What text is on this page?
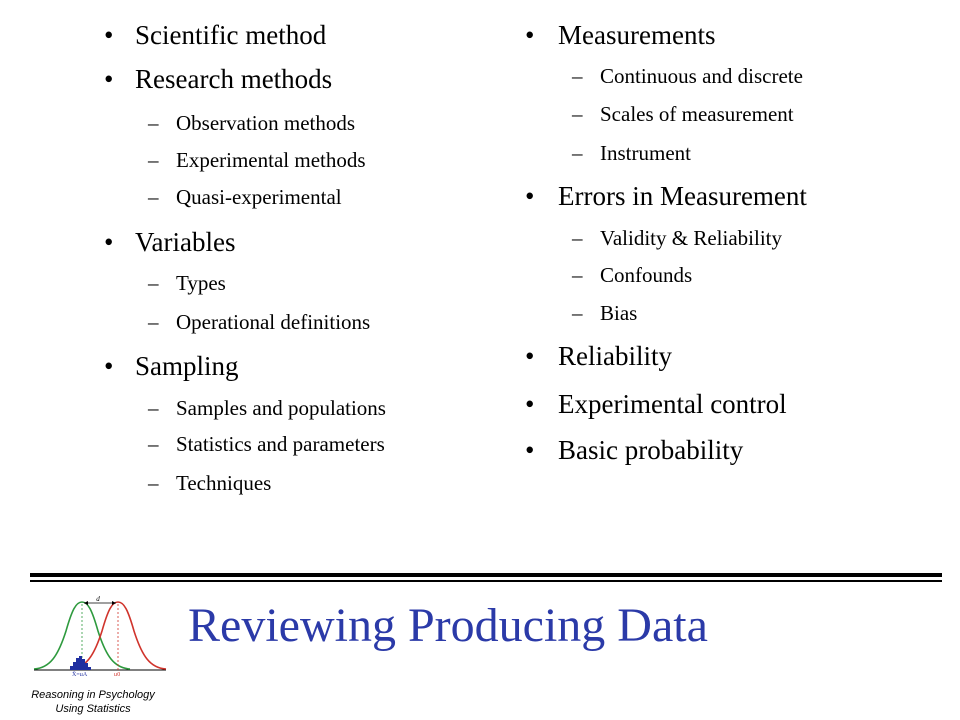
• Scientific method
• Research methods
– Observation methods
– Experimental methods
– Quasi-experimental
• Variables
– Types
– Operational definitions
• Sampling
– Samples and populations
– Statistics and parameters
– Techniques
• Measurements
– Continuous and discrete
– Scales of measurement
– Instrument
• Errors in Measurement
– Validity & Reliability
– Confounds
– Bias
• Reliability
• Experimental control
• Basic probability
d
X̄=μA	μ0
Reasoning in Psychology
Using Statistics
Reviewing Producing Data
